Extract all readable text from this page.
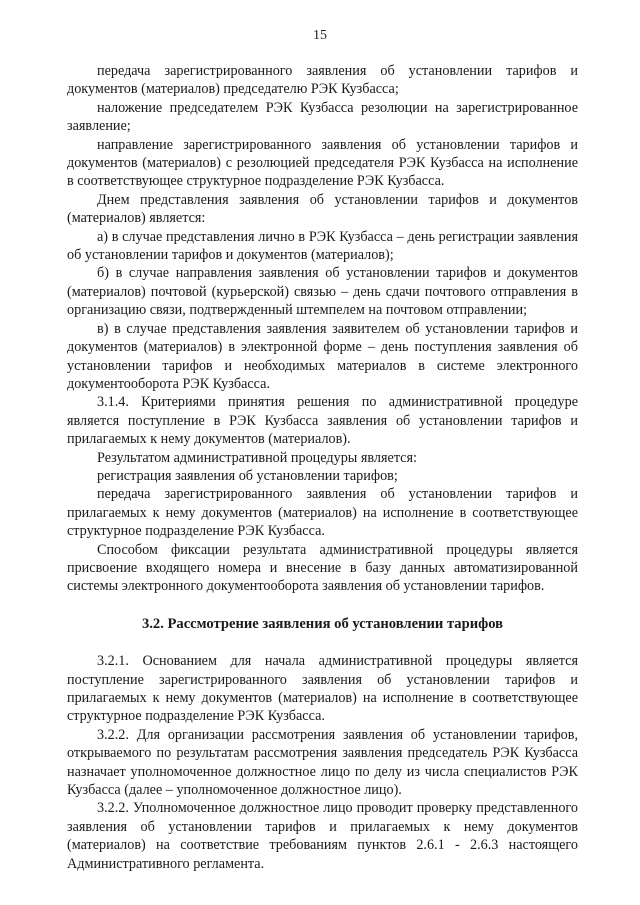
15

передача зарегистрированного заявления об установлении тарифов и документов (материалов) председателю РЭК Кузбасса;

наложение председателем РЭК Кузбасса резолюции на зарегистрированное заявление;

направление зарегистрированного заявления об установлении тарифов и документов (материалов) с резолюцией председателя РЭК Кузбасса на исполнение в соответствующее структурное подразделение РЭК Кузбасса.

Днем представления заявления об установлении тарифов и документов (материалов) является:

а) в случае представления лично в РЭК Кузбасса – день регистрации заявления об установлении тарифов и документов (материалов);

б) в случае направления заявления об установлении тарифов и документов (материалов) почтовой (курьерской) связью – день сдачи почтового отправления в организацию связи, подтвержденный штемпелем на почтовом отправлении;

в) в случае представления заявления заявителем об установлении тарифов и документов (материалов) в электронной форме – день поступления заявления об установлении тарифов и необходимых материалов в системе электронного документооборота РЭК Кузбасса.

3.1.4. Критериями принятия решения по административной процедуре является поступление в РЭК Кузбасса заявления об установлении тарифов и прилагаемых к нему документов (материалов).

Результатом административной процедуры является:

регистрация заявления об установлении тарифов;

передача зарегистрированного заявления об установлении тарифов и прилагаемых к нему документов (материалов) на исполнение в соответствующее структурное подразделение РЭК Кузбасса.

Способом фиксации результата административной процедуры является присвоение входящего номера и внесение в базу данных автоматизированной системы электронного документооборота заявления об установлении тарифов.

3.2. Рассмотрение заявления об установлении тарифов

3.2.1. Основанием для начала административной процедуры является поступление зарегистрированного заявления об установлении тарифов и прилагаемых к нему документов (материалов) на исполнение в соответствующее структурное подразделение РЭК Кузбасса.

3.2.2. Для организации рассмотрения заявления об установлении тарифов, открываемого по результатам рассмотрения заявления председатель РЭК Кузбасса назначает уполномоченное должностное лицо по делу из числа специалистов РЭК Кузбасса (далее – уполномоченное должностное лицо).

3.2.2. Уполномоченное должностное лицо проводит проверку представленного заявления об установлении тарифов и прилагаемых к нему документов (материалов) на соответствие требованиям пунктов 2.6.1 - 2.6.3 настоящего Административного регламента.
